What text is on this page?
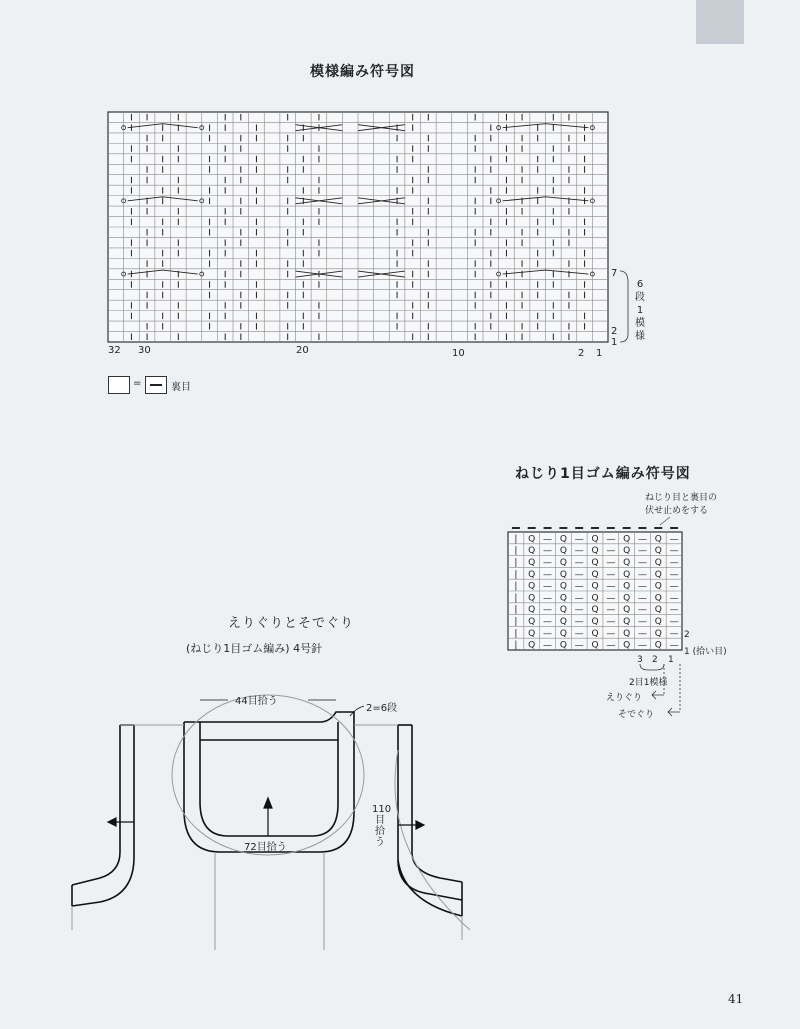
模様編み符号図
32 30	20	10	2 1
7
2
1
6
段
1
模
様
=	裏目
ねじり1目ゴム編み符号図
ねじり目と裏目の
伏せ止めをする
| Q — Q — Q — Q — Q —
| Q — Q — Q — Q — Q —
| Q — Q — Q — Q — Q —
| Q — Q — Q — Q — Q —
| Q — Q — Q — Q — Q —
| Q — Q — Q — Q — Q —
| Q — Q — Q — Q — Q —
| Q — Q — Q — Q — Q —
| Q — Q — Q — Q — Q —
| Q — Q — Q — Q — Q —
2
1 (拾い目)
3 2 1
2目1模様
えりぐり
そでぐり
えりぐりとそでぐり
(ねじり1目ゴム編み) 4号針
44目拾う
2=6段
72目拾う
110
目
拾
う
41
